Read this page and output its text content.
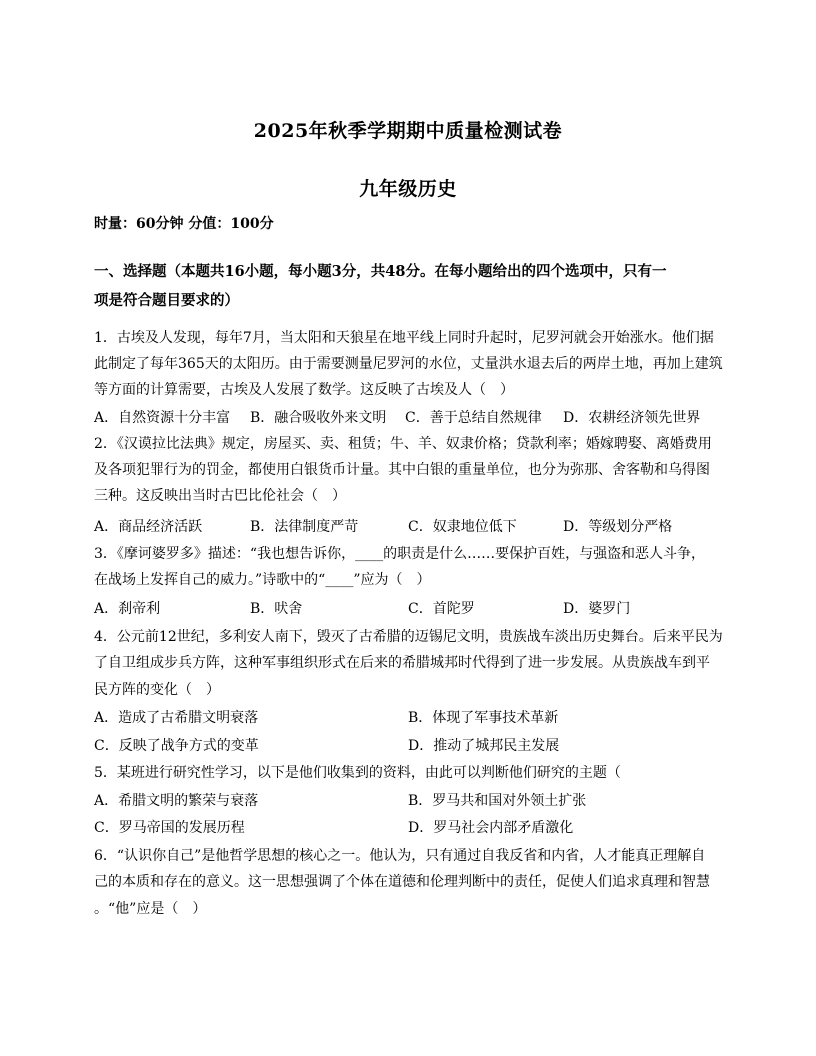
2025年秋季学期期中质量检测试卷
九年级历史
时量：60分钟 分值：100分
一、选择题（本题共16小题，每小题3分，共48分。在每小题给出的四个选项中，只有一
项是符合题目要求的）
1．古埃及人发现，每年7月，当太阳和天狼星在地平线上同时升起时，尼罗河就会开始涨水。他们据
此制定了每年365天的太阳历。由于需要测量尼罗河的水位，丈量洪水退去后的两岸土地，再加上建筑
等方面的计算需要，古埃及人发展了数学。这反映了古埃及人（　）
A．自然资源十分丰富 B．融合吸收外来文明 C．善于总结自然规律 D．农耕经济领先世界
2．《汉谟拉比法典》规定，房屋买、卖、租赁；牛、羊、奴隶价格；贷款利率；婚嫁聘娶、离婚费用
及各项犯罪行为的罚金，都使用白银货币计量。其中白银的重量单位，也分为弥那、舍客勒和乌得图
三种。这反映出当时古巴比伦社会（　）
A．商品经济活跃	B．法律制度严苛	C．奴隶地位低下	D．等级划分严格
3．《摩诃婆罗多》描述：“我也想告诉你，____的职责是什么……要保护百姓，与强盗和恶人斗争，
在战场上发挥自己的威力。”诗歌中的“____”应为（　）
A．刹帝利	B．吠舍	C．首陀罗	D．婆罗门
4．公元前12世纪，多利安人南下，毁灭了古希腊的迈锡尼文明，贵族战车淡出历史舞台。后来平民为
了自卫组成步兵方阵，这种军事组织形式在后来的希腊城邦时代得到了进一步发展。从贵族战车到平
民方阵的变化（　）
A．造成了古希腊文明衰落	B．体现了军事技术革新
C．反映了战争方式的变革	D．推动了城邦民主发展
5．某班进行研究性学习，以下是他们收集到的资料，由此可以判断他们研究的主题（
A．希腊文明的繁荣与衰落	B．罗马共和国对外领土扩张
C．罗马帝国的发展历程	D．罗马社会内部矛盾激化
6．“认识你自己”是他哲学思想的核心之一。他认为，只有通过自我反省和内省，人才能真正理解自
己的本质和存在的意义。这一思想强调了个体在道德和伦理判断中的责任，促使人们追求真理和智慧
。“他”应是（　）
